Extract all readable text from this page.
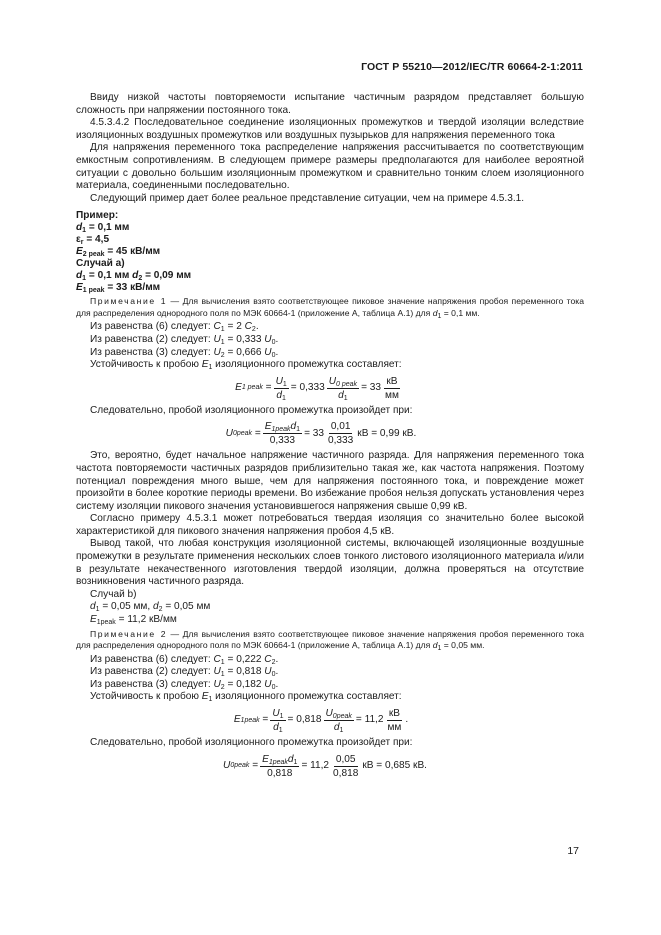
ГОСТ Р 55210—2012/IEC/TR 60664-2-1:2011

Ввиду низкой частоты повторяемости испытание частичным разрядом представляет большую сложность при напряжении постоянного тока.

4.5.3.4.2 Последовательное соединение изоляционных промежутков и твердой изоляции вследствие изоляционных воздушных промежутков или воздушных пузырьков для напряжения переменного тока

Для напряжения переменного тока распределение напряжения рассчитывается по соответствующим емкостным сопротивлениям. В следующем примере размеры предполагаются для наиболее вероятной ситуации с довольно большим изоляционным промежутком и сравнительно тонким слоем изоляционного материала, соединенными последовательно.

Следующий пример дает более реальное представление ситуации, чем на примере 4.5.3.1.

Пример:
$d_1 = 0,1$ мм
$\varepsilon_r = 4,5$
$E_{2 peak} = 45$ кВ/мм
Случай a)
$d_1 = 0,1$ мм $d_2 = 0,09$ мм
$E_{1 peak} = 33$ кВ/мм

Примечание 1 — Для вычисления взято соответствующее пиковое значение напряжения пробоя переменного тока для распределения однородного поля по МЭК 60664-1 (приложение А, таблица А.1) для $d_1 = 0,1$ мм.

Из равенства (6) следует: $C_1 = 2$ $C_2$.
Из равенства (2) следует: $U_1 = 0,333$ $U_0$.
Из равенства (3) следует: $U_2 = 0,666$ $U_0$.
Устойчивость к пробою $E_1$ изоляционного промежутка составляет:
E 1 peak = $\frac{U_1}{d_1} = 0,333 \frac{U_{0 peak}}{d_1} = 33 \frac{кВ}{мм}$
Следовательно, пробой изоляционного промежутка произойдет при:
U 0peak = $\frac{E_{1peak}d_1}{0,333} = 33 \frac{0,01}{0,333}$ кВ = 0,99 кВ.

Это, вероятно, будет начальное напряжение частичного разряда. Для напряжения переменного тока частота повторяемости частичных разрядов приблизительно такая же, как частота напряжения. Поэтому потенциал повреждения много выше, чем для напряжения постоянного тока, и повреждение может произойти в более короткие периоды времени. Во избежание пробоя нельзя допускать установления через систему изоляции пикового значения установившегося напряжения свыше 0,99 кВ.

Согласно примеру 4.5.3.1 может потребоваться твердая изоляция со значительно более высокой характеристикой для пикового значения напряжения пробоя 4,5 кВ.

Вывод такой, что любая конструкция изоляционной системы, включающей изоляционные воздушные промежутки в результате применения нескольких слоев тонкого листового изоляционного материала и/или в результате некачественного изготовления твердой изоляции, должна проверяться на отсутствие возникновения частичного разряда.

Случай b)
$d_1 = 0,05$ мм, $d_2 = 0,05$ мм
$E_{1peak} = 11,2$ кВ/мм

Примечание 2 — Для вычисления взято соответствующее пиковое значение напряжения пробоя переменного тока для распределения однородного поля по МЭК 60664-1 (приложение А, таблица А.1) для $d_1 = 0,05$ мм.

Из равенства (6) следует: $C_1 = 0,222$ $C_2$.
Из равенства (2) следует: $U_1 = 0,818$ $U_0$.
Из равенства (3) следует: $U_2 = 0,182$ $U_0$.
Устойчивость к пробою $E_1$ изоляционного промежутка составляет:
E 1peak = $\frac{U_1}{d_1} = 0,818 \frac{U_{0peak}}{d_1} = 11,2 \frac{кВ}{мм}$ .
Следовательно, пробой изоляционного промежутка произойдет при:
U 0peak = $\frac{E_{1peak}d_1}{0,818} = 11,2 \frac{0,05}{0,818}$ кВ = 0,685 кВ.
17
